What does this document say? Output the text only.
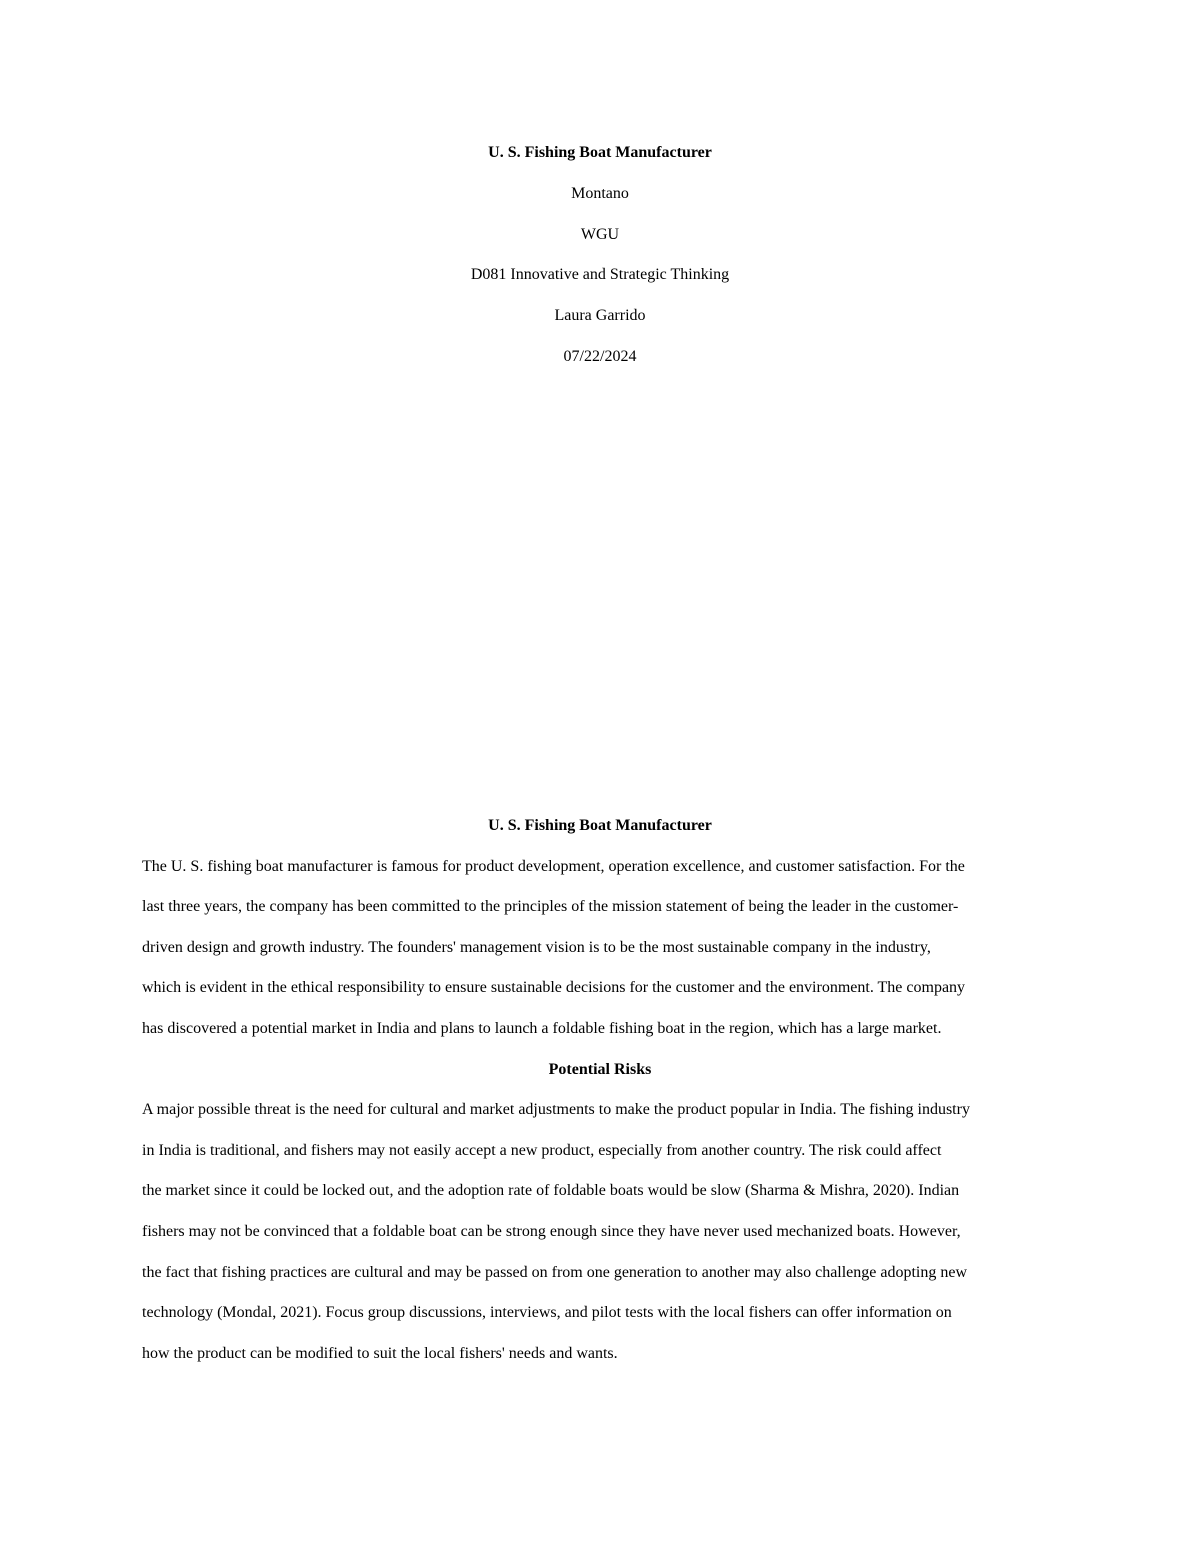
U. S. Fishing Boat Manufacturer
Montano
WGU
D081 Innovative and Strategic Thinking
Laura Garrido
07/22/2024
U. S. Fishing Boat Manufacturer
The U. S. fishing boat manufacturer is famous for product development, operation excellence, and customer satisfaction. For the
last three years, the company has been committed to the principles of the mission statement of being the leader in the customer-
driven design and growth industry. The founders' management vision is to be the most sustainable company in the industry,
which is evident in the ethical responsibility to ensure sustainable decisions for the customer and the environment. The company
has discovered a potential market in India and plans to launch a foldable fishing boat in the region, which has a large market.
Potential Risks
A major possible threat is the need for cultural and market adjustments to make the product popular in India. The fishing industry
in India is traditional, and fishers may not easily accept a new product, especially from another country. The risk could affect
the market since it could be locked out, and the adoption rate of foldable boats would be slow (Sharma & Mishra, 2020). Indian
fishers may not be convinced that a foldable boat can be strong enough since they have never used mechanized boats. However,
the fact that fishing practices are cultural and may be passed on from one generation to another may also challenge adopting new
technology (Mondal, 2021). Focus group discussions, interviews, and pilot tests with the local fishers can offer information on
how the product can be modified to suit the local fishers' needs and wants.
